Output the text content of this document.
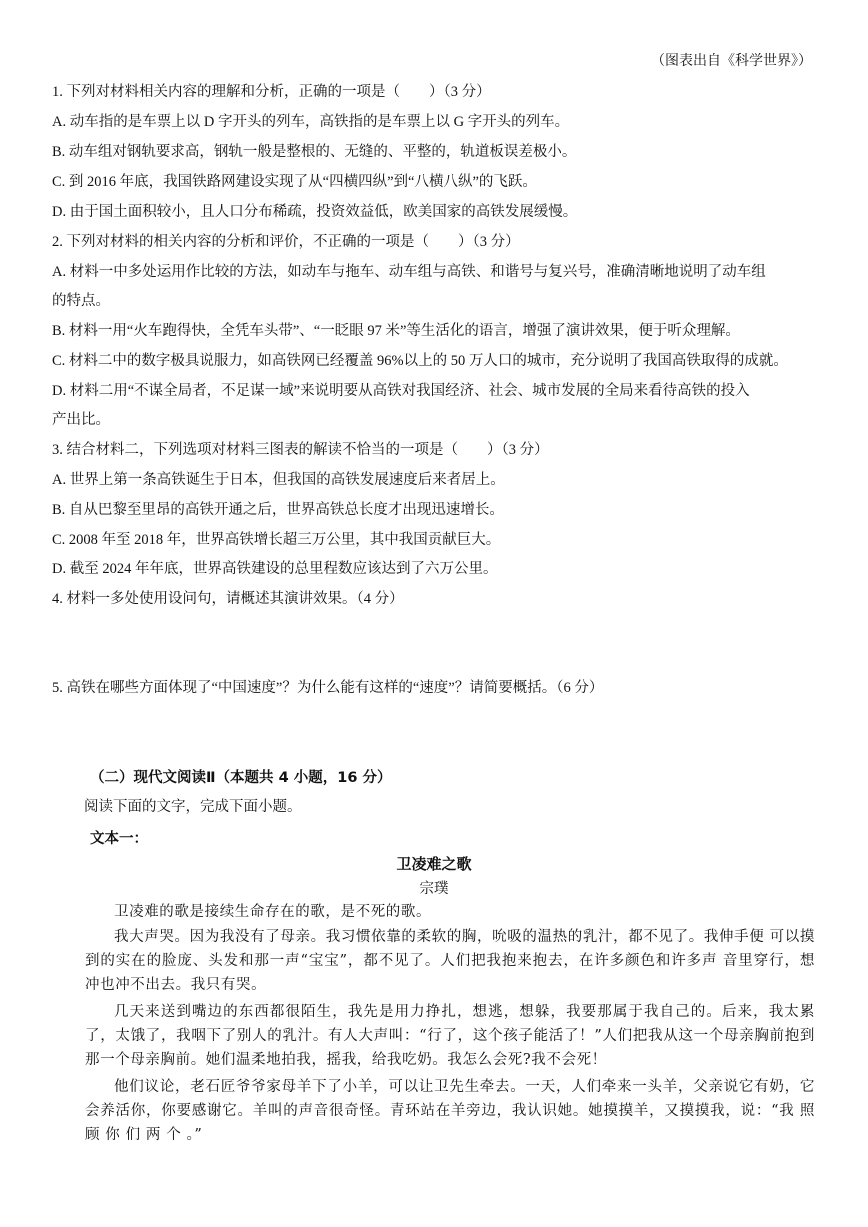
（图表出自《科学世界》）
1. 下列对材料相关内容的理解和分析，正确的一项是（　　）（3 分）
A. 动车指的是车票上以 D 字开头的列车，高铁指的是车票上以 G 字开头的列车。
B. 动车组对钢轨要求高，钢轨一般是整根的、无缝的、平整的，轨道板误差极小。
C. 到 2016 年底，我国铁路网建设实现了从“四横四纵”到“八横八纵”的飞跃。
D. 由于国土面积较小，且人口分布稀疏，投资效益低，欧美国家的高铁发展缓慢。
2. 下列对材料的相关内容的分析和评价，不正确的一项是（　　）（3 分）
A. 材料一中多处运用作比较的方法，如动车与拖车、动车组与高铁、和谐号与复兴号，准确清晰地说明了动车组
的特点。
B. 材料一用“火车跑得快，全凭车头带”、“一眨眼 97 米”等生活化的语言，增强了演讲效果，便于听众理解。
C. 材料二中的数字极具说服力，如高铁网已经覆盖 96%以上的 50 万人口的城市，充分说明了我国高铁取得的成就。
D. 材料二用“不谋全局者，不足谋一域”来说明要从高铁对我国经济、社会、城市发展的全局来看待高铁的投入
产出比。
3. 结合材料二，下列选项对材料三图表的解读不恰当的一项是（　　）（3 分）
A. 世界上第一条高铁诞生于日本，但我国的高铁发展速度后来者居上。
B. 自从巴黎至里昂的高铁开通之后，世界高铁总长度才出现迅速增长。
C. 2008 年至 2018 年，世界高铁增长超三万公里，其中我国贡献巨大。
D. 截至 2024 年年底，世界高铁建设的总里程数应该达到了六万公里。
4. 材料一多处使用设问句，请概述其演讲效果。（4 分）
5. 高铁在哪些方面体现了“中国速度”？为什么能有这样的“速度”？请简要概括。（6 分）
（二）现代文阅读Ⅱ（本题共 4 小题，16 分）
阅读下面的文字，完成下面小题。
文本一：
卫凌难之歌
宗璞
卫凌难的歌是接续生命存在的歌，是不死的歌。
我大声哭。因为我没有了母亲。我习惯依靠的柔软的胸，吮吸的温热的乳汁，都不见了。我伸手便 可以摸到的实在的脸庞、头发和那一声“宝宝”，都不见了。人们把我抱来抱去，在许多颜色和许多声 音里穿行，想冲也冲不出去。我只有哭。
几天来送到嘴边的东西都很陌生，我先是用力挣扎，想逃，想躲，我要那属于我自己的。后来，我太累了，太饿了，我咽下了别人的乳汁。有人大声叫：“行了，这个孩子能活了！”人们把我从这一个母亲胸前抱到那一个母亲胸前。她们温柔地拍我，摇我，给我吃奶。我怎么会死?我不会死！
他们议论，老石匠爷爷家母羊下了小羊，可以让卫先生牵去。一天，人们牵来一头羊，父亲说它有奶，它会养活你，你要感谢它。羊叫的声音很奇怪。青环站在羊旁边，我认识她。她摸摸羊，又摸摸我，说：“我 照 顾 你 们 两 个 。”
